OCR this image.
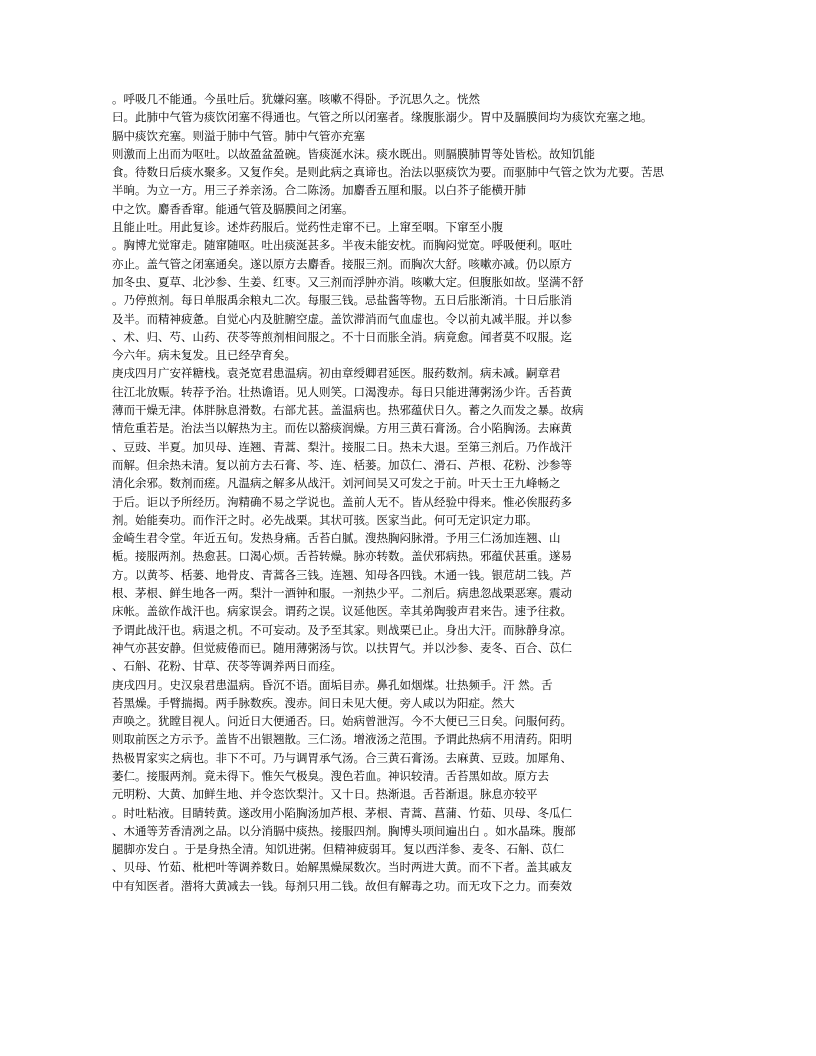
。呼吸几不能通。今虽吐后。犹嫌闷塞。咳嗽不得卧。予沉思久之。恍然

曰。此肺中气管为痰饮闭塞不得通也。气管之所以闭塞者。缘腹胀溺少。胃中及膈膜间均为痰饮充塞之地。

膈中痰饮充塞。则溢于肺中气管。肺中气管亦充塞

则激而上出而为呕吐。以故盈盆盈碗。皆痰涎水沫。痰水既出。则膈膜肺胃等处皆松。故知饥能

食。待数日后痰水聚多。又复作矣。是则此病之真谛也。治法以驱痰饮为要。而驱肺中气管之饮为尤要。苦思

半晌。为立一方。用三子养亲汤。合二陈汤。加麝香五厘和服。以白芥子能横开肺

中之饮。麝香香窜。能通气管及膈膜间之闭塞。

且能止吐。用此复诊。述炸药服后。觉药性走窜不已。上窜至咽。下窜至小腹

。胸博尤觉窜走。随窜随呕。吐出痰涎甚多。半夜未能安枕。而胸闷觉宽。呼吸便利。呕吐

亦止。盖气管之闭塞通矣。遂以原方去麝香。接服三剂。而胸次大舒。咳嗽亦减。仍以原方

加冬虫、夏草、北沙参、生姜、红枣。又三剂而浮肿亦消。咳嗽大定。但腹胀如故。坚满不舒

。乃停煎剂。每日单服禹余粮丸二次。每服三钱。忌盐酱等物。五日后胀渐消。十日后胀消

及半。而精神疲惫。自觉心内及脏腑空虚。盖饮滞消而气血虚也。令以前丸减半服。并以参

、术、归、芍、山药、茯苓等煎剂相间服之。不十日而胀全消。病竟愈。闻者莫不叹服。迄

今六年。病未复发。且已经孕育矣。

庚戌四月广安祥糖栈。袁尧宽君患温病。初由章绶卿君延医。服药数剂。病未减。嗣章君

往江北放赈。转荐予治。壮热谵语。见人则笑。口渴溲赤。每日只能进薄粥汤少许。舌苔黄

薄而干燥无津。体胖脉息滑数。右部尤甚。盖温病也。热邪蕴伏日久。蓄之久而发之暴。故病

情危重若是。治法当以解热为主。而佐以豁痰润燥。方用三黄石膏汤。合小陷胸汤。去麻黄

、豆豉、半夏。加贝母、连翘、青蒿、梨汁。接服二日。热未大退。至第三剂后。乃作战汗

而解。但余热未清。复以前方去石膏、芩、连、栝蒌。加苡仁、滑石、芦根、花粉、沙参等

清化余邪。数剂而瘥。凡温病之解多从战汗。刘河间吴又可发之于前。叶天士王九峰畅之

于后。讵以予所经历。洵精确不易之学说也。盖前人无不。皆从经验中得来。惟必俟服药多

剂。始能奏功。而作汗之时。必先战栗。其状可骇。医家当此。何可无定识定力耶。

金崎生君令堂。年近五旬。发热身痛。舌苔白腻。溲热胸闷脉滑。予用三仁汤加连翘、山

栀。接服两剂。热愈甚。口渴心烦。舌苔转燥。脉亦转数。盖伏邪病热。邪蕴伏甚重。遂易

方。以黄芩、栝蒌、地骨皮、青蒿各三钱。连翘、知母各四钱。木通一钱。银苊胡二钱。芦

根、茅根、鲜生地各一两。梨汁一酒钟和服。一剂热少平。二剂后。病患忽战栗恶寒。震动

床帐。盖欲作战汗也。病家误会。谓药之误。议延他医。幸其弟陶骏声君来告。速予往救。

予谓此战汗也。病退之机。不可妄动。及予至其家。则战栗已止。身出大汗。而脉静身凉。

神气亦甚安静。但觉疲倦而已。随用薄粥汤与饮。以扶胃气。并以沙参、麦冬、百合、苡仁

、石斛、花粉、甘草、茯苓等调养两日而痊。

庚戌四月。史汉泉君患温病。昏沉不语。面垢目赤。鼻孔如烟煤。壮热频手。汗 然。舌

苔黑燥。手臂揣揭。两手脉数疾。溲赤。间日未见大便。旁人咸以为阳症。然大

声唤之。犹瞠目视人。问近日大便通否。曰。始病曾泄泻。今不大便已三日矣。问服何药。

则取前医之方示予。盖皆不出银翘散。三仁汤。增液汤之范围。予谓此热病不用清药。阳明

热极胃家实之病也。非下不可。乃与调胃承气汤。合三黄石膏汤。去麻黄、豆豉。加犀角、

萎仁。接服两剂。竟未得下。惟矢气极臭。溲色若血。神识较清。舌苔黑如故。原方去

元明粉、大黄、加鲜生地、并令恣饮梨汁。又十日。热渐退。舌苔渐退。脉息亦较平

。时吐粘液。目睛转黄。遂改用小陷胸汤加芦根、茅根、青蒿、菖蒲、竹茹、贝母、冬瓜仁

、木通等芳香清冽之品。以分消膈中痰热。接服四剂。胸博头项间遍出白 。如水晶珠。腹部

腿脚亦发白 。于是身热全清。知饥进粥。但精神疲弱耳。复以西洋参、麦冬、石斛、苡仁

、贝母、竹茹、枇杷叶等调养数日。始解黑燥屎数次。当时两进大黄。而不下者。盖其戚友

中有知医者。潜将大黄减去一钱。每剂只用二钱。故但有解毒之功。而无攻下之力。而奏效
